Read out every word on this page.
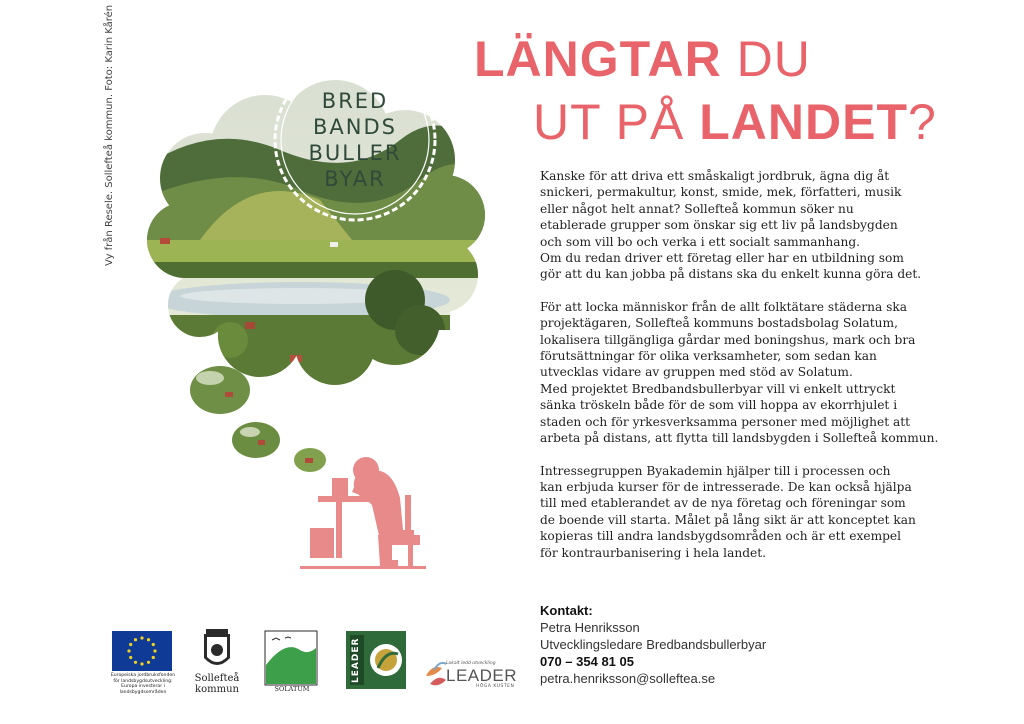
Vy från Resele. Sollefteå kommun. Foto: Karin Kårén	LÄNGTAR DU
UT PÅ LANDET?
BRED
BANDS
BULLER
BYAR	Kanske för att driva ett småskaligt jordbruk, ägna dig åt
snickeri, permakultur, konst, smide, mek, författeri, musik
eller något helt annat? Sollefteå kommun söker nu
etablerade grupper som önskar sig ett liv på landsbygden
och som vill bo och verka i ett socialt sammanhang.
Om du redan driver ett företag eller har en utbildning som
gör att du kan jobba på distans ska du enkelt kunna göra det.

För att locka människor från de allt folktätare städerna ska
projektägaren, Sollefteå kommuns bostadsbolag Solatum,
lokalisera tillgängliga gårdar med boningshus, mark och bra
förutsättningar för olika verksamheter, som sedan kan
utvecklas vidare av gruppen med stöd av Solatum.
Med projektet Bredbandsbullerbyar vill vi enkelt uttryckt
sänka tröskeln både för de som vill hoppa av ekorrhjulet i
staden och för yrkesverksamma personer med möjlighet att
arbeta på distans, att flytta till landsbygden i Sollefteå kommun.

Intressegruppen Byakademin hjälper till i processen och
kan erbjuda kurser för de intresserade. De kan också hjälpa
till med etablerandet av de nya företag och föreningar som
de boende vill starta. Målet på lång sikt är att konceptet kan
kopieras till andra landsbygdsområden och är ett exempel
för kontraurbanisering i hela landet.

Kontakt:
Petra Henriksson
Utvecklingsledare Bredbandsbullerbyar
070 – 354 81 05
petra.henriksson@solleftea.se
Europeiska jordbruksfonden för landsbygdsutveckling: Europa investerar i landsbygdsområden
Sollefteå
kommun	SOLATUM
LEADER	Lokalt ledd utveckling
LEADER
HÖGA KUSTEN
